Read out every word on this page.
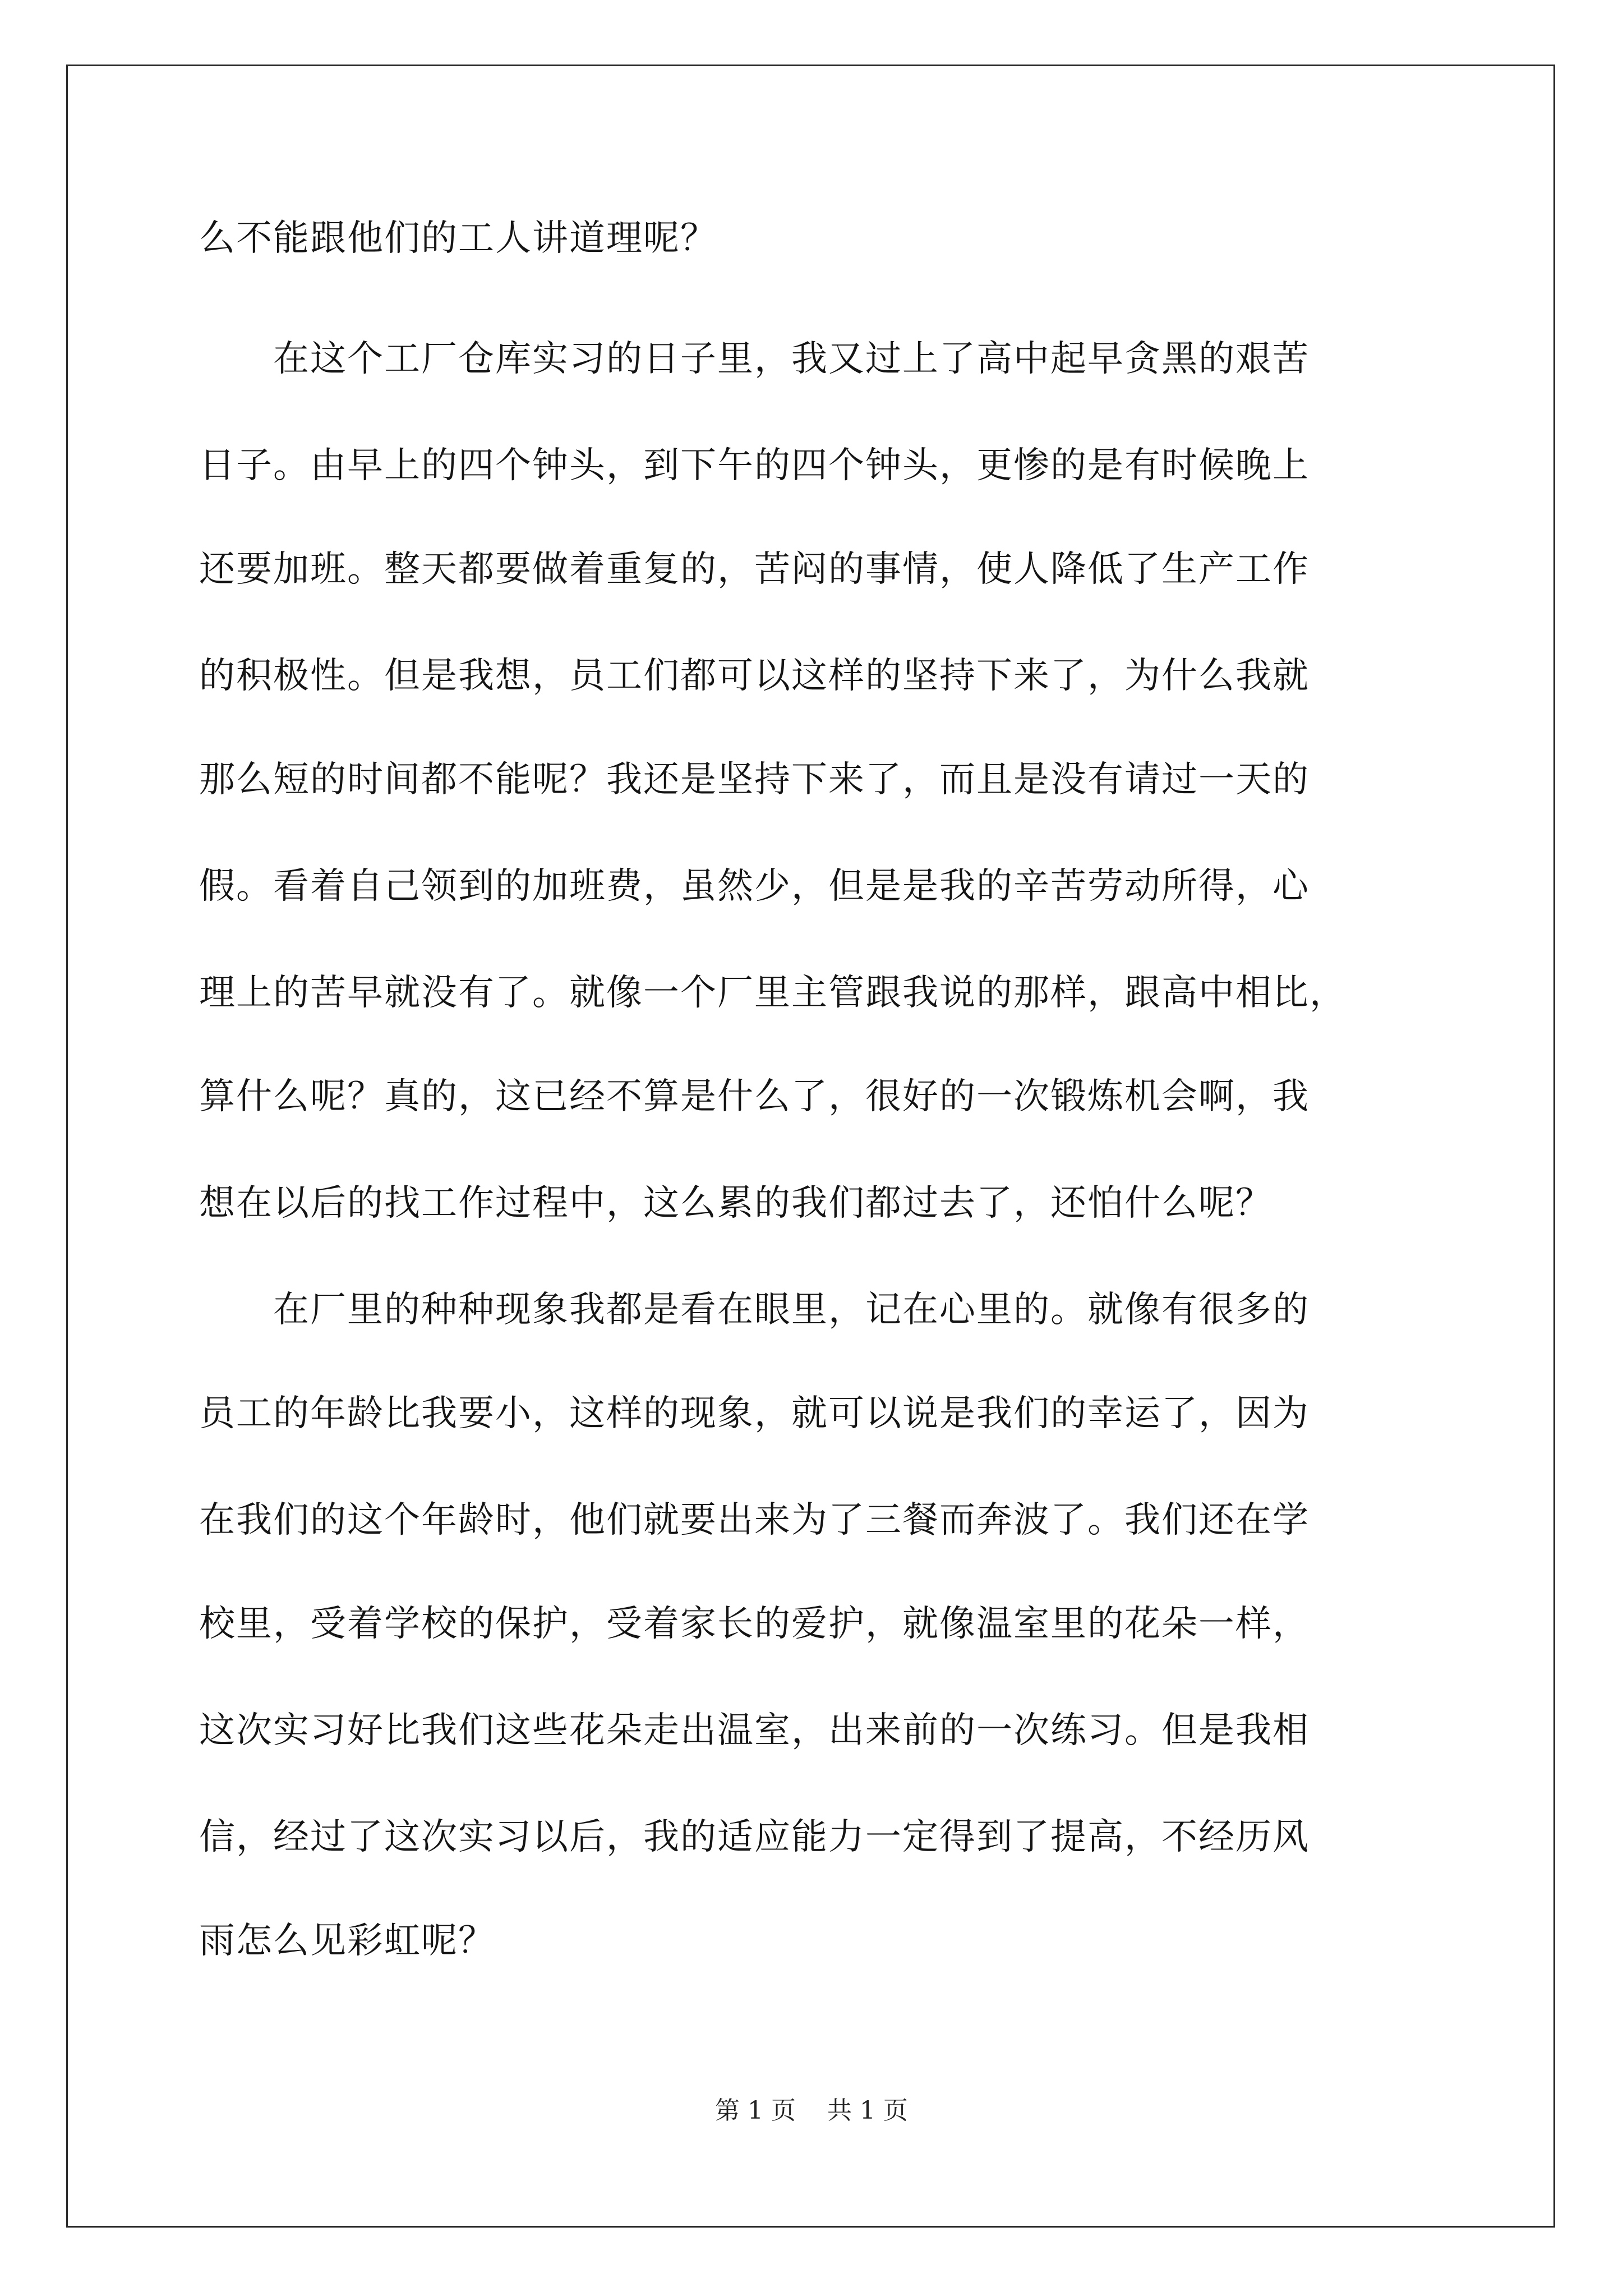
么不能跟他们的工人讲道理呢？

　　在这个工厂仓库实习的日子里，我又过上了高中起早贪黑的艰苦

日子。由早上的四个钟头，到下午的四个钟头，更惨的是有时候晚上

还要加班。整天都要做着重复的，苦闷的事情，使人降低了生产工作

的积极性。但是我想，员工们都可以这样的坚持下来了，为什么我就

那么短的时间都不能呢？我还是坚持下来了，而且是没有请过一天的

假。看着自己领到的加班费，虽然少，但是是我的辛苦劳动所得，心

理上的苦早就没有了。就像一个厂里主管跟我说的那样，跟高中相比，

算什么呢？真的，这已经不算是什么了，很好的一次锻炼机会啊，我

想在以后的找工作过程中，这么累的我们都过去了，还怕什么呢？

　　在厂里的种种现象我都是看在眼里，记在心里的。就像有很多的

员工的年龄比我要小，这样的现象，就可以说是我们的幸运了，因为

在我们的这个年龄时，他们就要出来为了三餐而奔波了。我们还在学

校里，受着学校的保护，受着家长的爱护，就像温室里的花朵一样，

这次实习好比我们这些花朵走出温室，出来前的一次练习。但是我相

信，经过了这次实习以后，我的适应能力一定得到了提高，不经历风

雨怎么见彩虹呢？

第 1 页    共 1 页
